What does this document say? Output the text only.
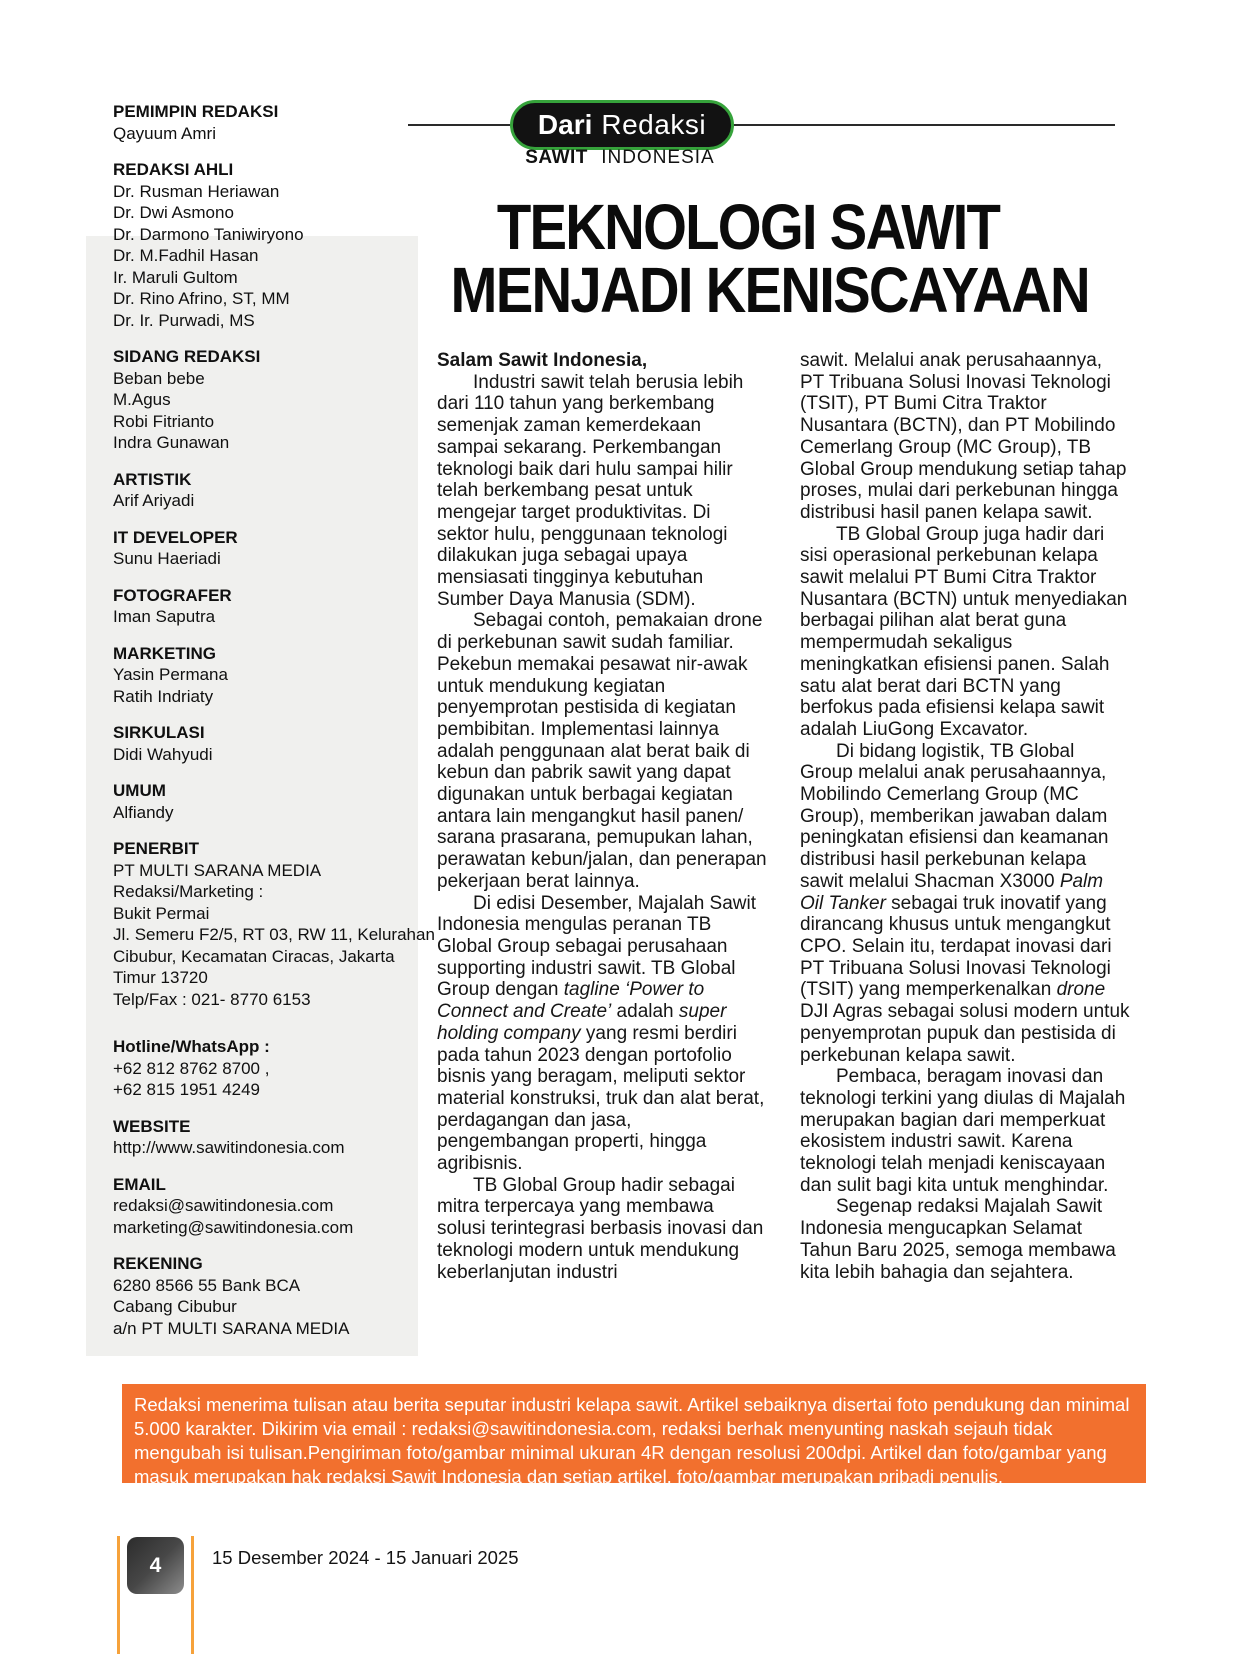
PEMIMPIN REDAKSI
Qayuum Amri
REDAKSI AHLI
Dr. Rusman Heriawan
Dr. Dwi Asmono
Dr. Darmono Taniwiryono
Dr. M.Fadhil Hasan
Ir. Maruli Gultom
Dr. Rino Afrino, ST, MM
Dr. Ir. Purwadi, MS
SIDANG REDAKSI
Beban bebe
M.Agus
Robi Fitrianto
Indra Gunawan
ARTISTIK
Arif Ariyadi
IT DEVELOPER
Sunu Haeriadi
FOTOGRAFER
Iman Saputra
MARKETING
Yasin Permana
Ratih Indriaty
SIRKULASI
Didi Wahyudi
UMUM
Alfiandy
PENERBIT
PT MULTI SARANA MEDIA
Redaksi/Marketing :
Bukit Permai
Jl. Semeru F2/5, RT 03, RW 11, Kelurahan
Cibubur, Kecamatan Ciracas, Jakarta
Timur 13720
Telp/Fax : 021- 8770 6153
Hotline/WhatsApp :
+62 812 8762 8700 ,
+62 815 1951 4249
WEBSITE
http://www.sawitindonesia.com
EMAIL
redaksi@sawitindonesia.com
marketing@sawitindonesia.com
REKENING
6280 8566 55 Bank BCA
Cabang Cibubur
a/n PT MULTI SARANA MEDIA
Dari Redaksi
SAWIT INDONESIA
TEKNOLOGI SAWIT
MENJADI KENISCAYAAN

Salam Sawit Indonesia,

Industri sawit telah berusia lebih dari 110 tahun yang berkembang semenjak zaman kemerdekaan sampai sekarang. Perkembangan teknologi baik dari hulu sampai hilir telah berkembang pesat untuk mengejar target produktivitas. Di sektor hulu, penggunaan teknologi dilakukan juga sebagai upaya mensiasati tingginya kebutuhan Sumber Daya Manusia (SDM).

Sebagai contoh, pemakaian drone di perkebunan sawit sudah familiar. Pekebun memakai pesawat nir-awak untuk mendukung kegiatan penyemprotan pestisida di kegiatan pembibitan. Implementasi lainnya adalah penggunaan alat berat baik di kebun dan pabrik sawit yang dapat digunakan untuk berbagai kegiatan antara lain mengangkut hasil panen/ sarana prasarana, pemupukan lahan, perawatan kebun/jalan, dan penerapan pekerjaan berat lainnya.

Di edisi Desember, Majalah Sawit Indonesia mengulas peranan TB Global Group sebagai perusahaan supporting industri sawit. TB Global Group dengan tagline ‘Power to Connect and Create’ adalah super holding company yang resmi berdiri pada tahun 2023 dengan portofolio bisnis yang beragam, meliputi sektor material konstruksi, truk dan alat berat, perdagangan dan jasa, pengembangan properti, hingga agribisnis.

TB Global Group hadir sebagai mitra terpercaya yang membawa solusi terintegrasi berbasis inovasi dan teknologi modern untuk mendukung keberlanjutan industri

sawit. Melalui anak perusahaannya, PT Tribuana Solusi Inovasi Teknologi (TSIT), PT Bumi Citra Traktor Nusantara (BCTN), dan PT Mobilindo Cemerlang Group (MC Group), TB Global Group mendukung setiap tahap proses, mulai dari perkebunan hingga distribusi hasil panen kelapa sawit.

TB Global Group juga hadir dari sisi operasional perkebunan kelapa sawit melalui PT Bumi Citra Traktor Nusantara (BCTN) untuk menyediakan berbagai pilihan alat berat guna mempermudah sekaligus meningkatkan efisiensi panen. Salah satu alat berat dari BCTN yang berfokus pada efisiensi kelapa sawit adalah LiuGong Excavator.

Di bidang logistik, TB Global Group melalui anak perusahaannya, Mobilindo Cemerlang Group (MC Group), memberikan jawaban dalam peningkatan efisiensi dan keamanan distribusi hasil perkebunan kelapa sawit melalui Shacman X3000 Palm Oil Tanker sebagai truk inovatif yang dirancang khusus untuk mengangkut CPO. Selain itu, terdapat inovasi dari PT Tribuana Solusi Inovasi Teknologi (TSIT) yang memperkenalkan drone DJI Agras sebagai solusi modern untuk penyemprotan pupuk dan pestisida di perkebunan kelapa sawit.

Pembaca, beragam inovasi dan teknologi terkini yang diulas di Majalah merupakan bagian dari memperkuat ekosistem industri sawit. Karena teknologi telah menjadi keniscayaan dan sulit bagi kita untuk menghindar.

Segenap redaksi Majalah Sawit Indonesia mengucapkan Selamat Tahun Baru 2025, semoga membawa kita lebih bahagia dan sejahtera.

Redaksi menerima tulisan atau berita seputar industri kelapa sawit. Artikel sebaiknya disertai foto pendukung dan minimal 5.000 karakter. Dikirim via email : redaksi@sawitindonesia.com, redaksi berhak menyunting naskah sejauh tidak mengubah isi tulisan.Pengiriman foto/gambar minimal ukuran 4R dengan resolusi 200dpi. Artikel dan foto/gambar yang masuk merupakan hak redaksi Sawit Indonesia dan setiap artikel, foto/gambar merupakan pribadi penulis.

4	15 Desember 2024 - 15 Januari 2025
